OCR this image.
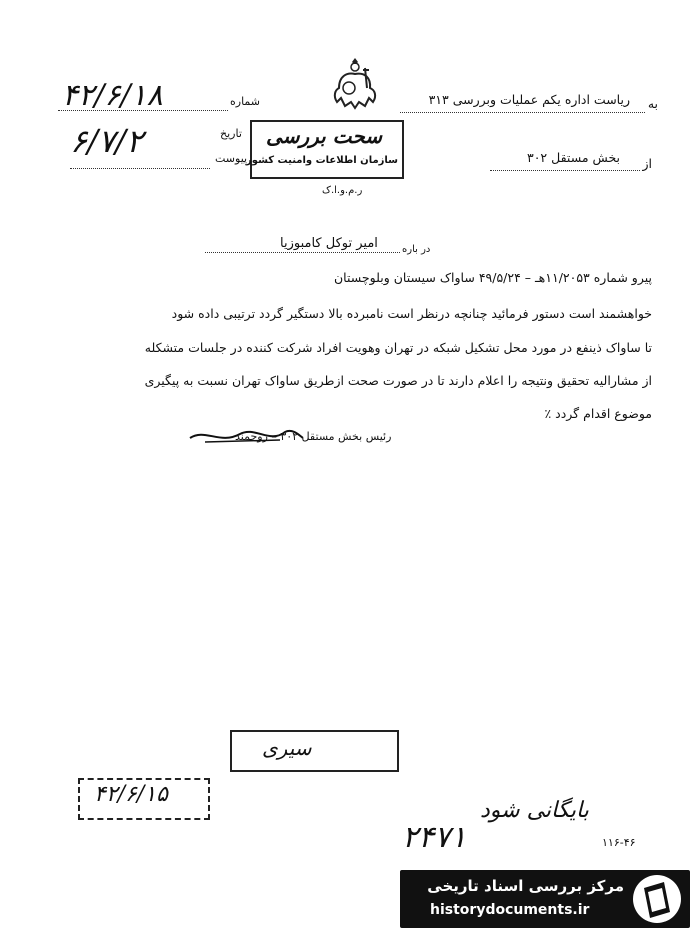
به
ریاست اداره یکم عملیات وبررسی ۳۱۳
از
بخش مستقل ۳۰۲
شماره
۴۲/۶/۱۸
تاریخ
۶/۷/۲	پیوست
سحت بررسی
سازمان اطلاعات وامنیت کشور
ر.م.و.ا.ک
در باره
امیر توکل کامبوزیا
پیرو شماره ۱۱/۲۰۵۳هـ – ۴۹/۵/۲۴ ساواک سیستان وبلوچستان
خواهشمند است دستور فرمائید چنانچه درنظر است نامبرده بالا دستگیر گردد ترتیبی داده شود
تا ساواک ذینفع در مورد محل تشکیل شبکه در تهران وهویت افراد شرکت کننده در جلسات متشکله
از مشارالیه تحقیق ونتیجه را اعلام دارند تا در صورت صحت ازطریق ساواک تهران نسبت به پیگیری
موضوع اقدام گردد ٪
رئیس بخش مستقل ۳۰۲ – روحمند
سیری
۴۲/۶/۱۵
بایگانی شود
۲۴۷۱	۱۱۶-۴۶
مرکز بررسی اسناد تاریخی
historydocuments.ir
